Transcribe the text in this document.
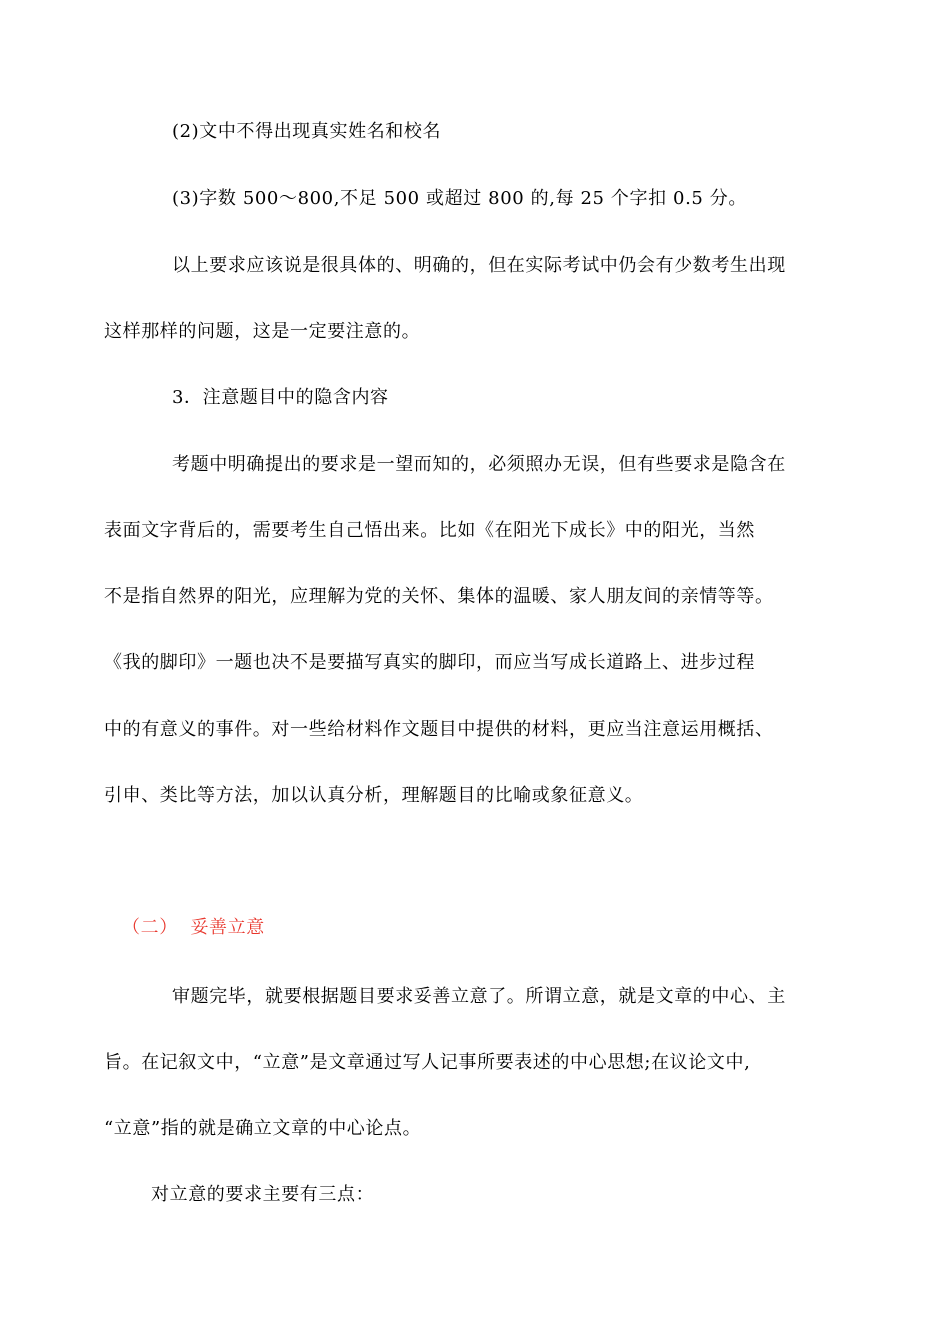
(2)文中不得出现真实姓名和校名
(3)字数 500～800,不足 500 或超过 800 的,每 25 个字扣 0.5 分。
以上要求应该说是很具体的、明确的，但在实际考试中仍会有少数考生出现
这样那样的问题，这是一定要注意的。
3．注意题目中的隐含内容
考题中明确提出的要求是一望而知的，必须照办无误，但有些要求是隐含在
表面文字背后的，需要考生自己悟出来。比如《在阳光下成长》中的阳光，当然
不是指自然界的阳光，应理解为党的关怀、集体的温暖、家人朋友间的亲情等等。
《我的脚印》一题也决不是要描写真实的脚印，而应当写成长道路上、进步过程
中的有意义的事件。对一些给材料作文题目中提供的材料，更应当注意运用概括、
引申、类比等方法，加以认真分析，理解题目的比喻或象征意义。
（二）  妥善立意
审题完毕，就要根据题目要求妥善立意了。所谓立意，就是文章的中心、主
旨。在记叙文中，“立意”是文章通过写人记事所要表述的中心思想;在议论文中,
“立意”指的就是确立文章的中心论点。
对立意的要求主要有三点：
